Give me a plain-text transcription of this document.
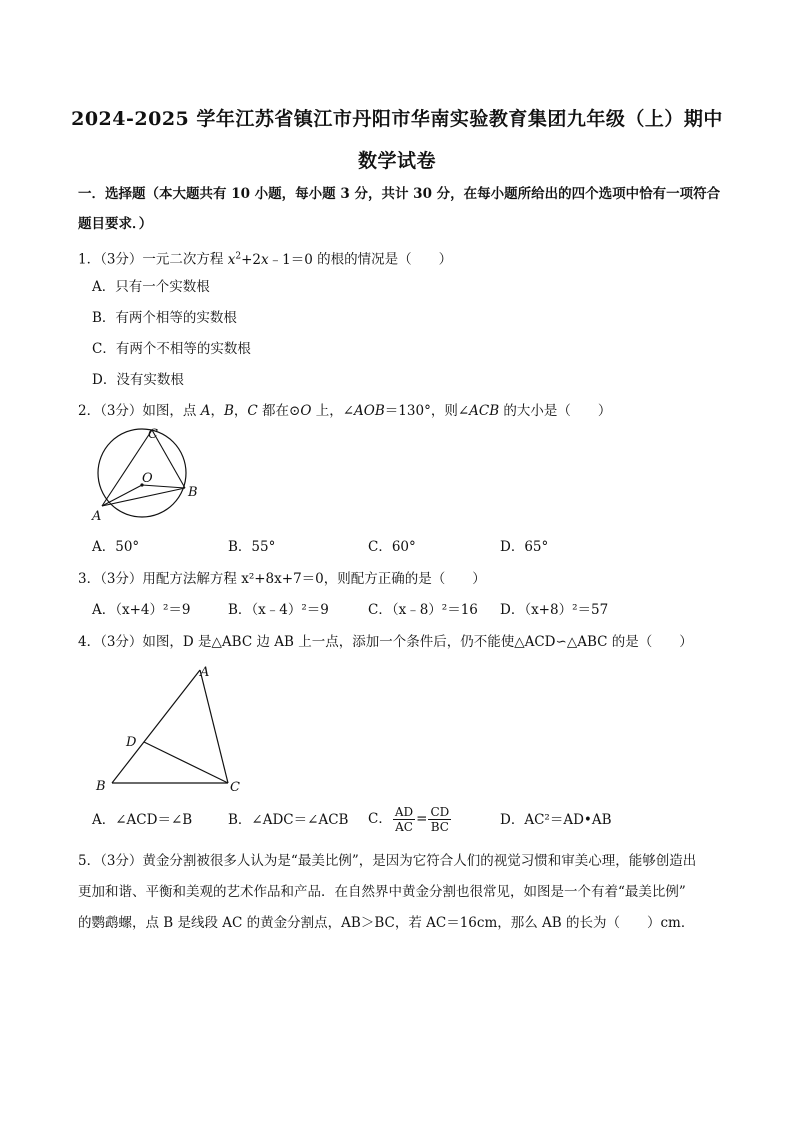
2024-2025 学年江苏省镇江市丹阳市华南实验教育集团九年级（上）期中
数学试卷
一．选择题（本大题共有 10 小题，每小题 3 分，共计 30 分，在每小题所给出的四个选项中恰有一项符合
题目要求．）
1．（3分）一元二次方程 $x^2+2x﹣1=0$ 的根的情况是（　　）
A．只有一个实数根
B．有两个相等的实数根
C．有两个不相等的实数根
D．没有实数根
2．（3分）如图，点 A，B，C 都在⊙O 上，∠AOB＝130°，则∠ACB 的大小是（　　）
C
O
B
A
A．50°	B．55°	C．60°	D．65°
3．（3分）用配方法解方程 x²+8x+7＝0，则配方正确的是（　　）
A．（x+4）²＝9	B．（x﹣4）²＝9	C．（x﹣8）²＝16 D．（x+8）²＝57
4．（3分）如图，D 是△ABC 边 AB 上一点，添加一个条件后，仍不能使△ACD∽△ABC 的是（　　）
A
D
B	C
A．∠ACD＝∠B	B．∠ADC＝∠ACB C． $\frac{AD}{AC} = \frac{CD}{BC}$	D．AC²＝AD•AB
5．（3分）黄金分割被很多人认为是“最美比例”，是因为它符合人们的视觉习惯和审美心理，能够创造出
更加和谐、平衡和美观的艺术作品和产品．在自然界中黄金分割也很常见，如图是一个有着“最美比例”
的鹦鹉螺，点 B 是线段 AC 的黄金分割点，AB＞BC，若 AC＝16cm，那么 AB 的长为（　　）cm．
